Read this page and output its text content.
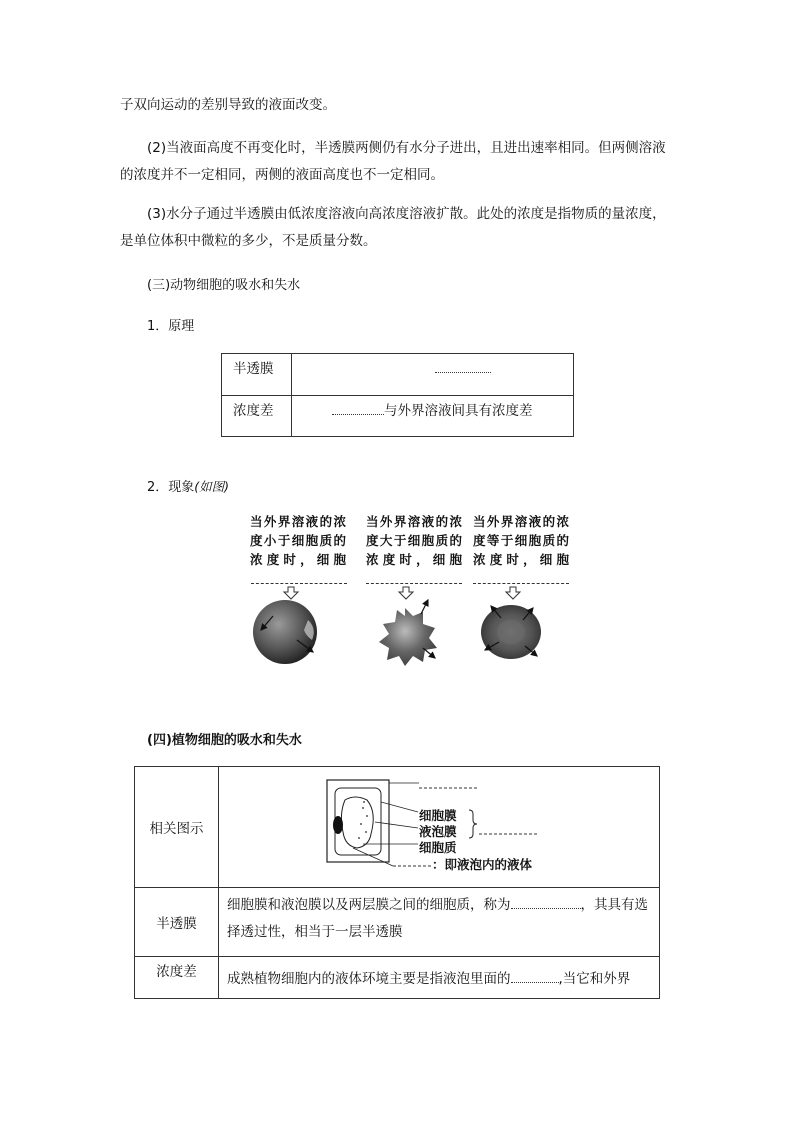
子双向运动的差别导致的液面改变。
(2)当液面高度不再变化时，半透膜两侧仍有水分子进出，且进出速率相同。但两侧溶液的浓度并不一定相同，两侧的液面高度也不一定相同。
(3)水分子通过半透膜由低浓度溶液向高浓度溶液扩散。此处的浓度是指物质的量浓度，是单位体积中微粒的多少，不是质量分数。
(三)动物细胞的吸水和失水
1．原理
半透膜	

浓度差	与外界溶液间具有浓度差
2．现象(如图)
当外界溶液的浓度小于细胞质的浓度时，细胞
当外界溶液的浓度大于细胞质的浓度时，细胞
当外界溶液的浓度等于细胞质的浓度时，细胞
(四)植物细胞的吸水和失水
相关图示	细胞膜
液泡膜
细胞质
：即液泡内的液体

半透膜	细胞膜和液泡膜以及两层膜之间的细胞质，称为 ，其具有选择透过性，相当于一层半透膜
浓度差	成熟植物细胞内的液体环境主要是指液泡里面的 ,当它和外界
